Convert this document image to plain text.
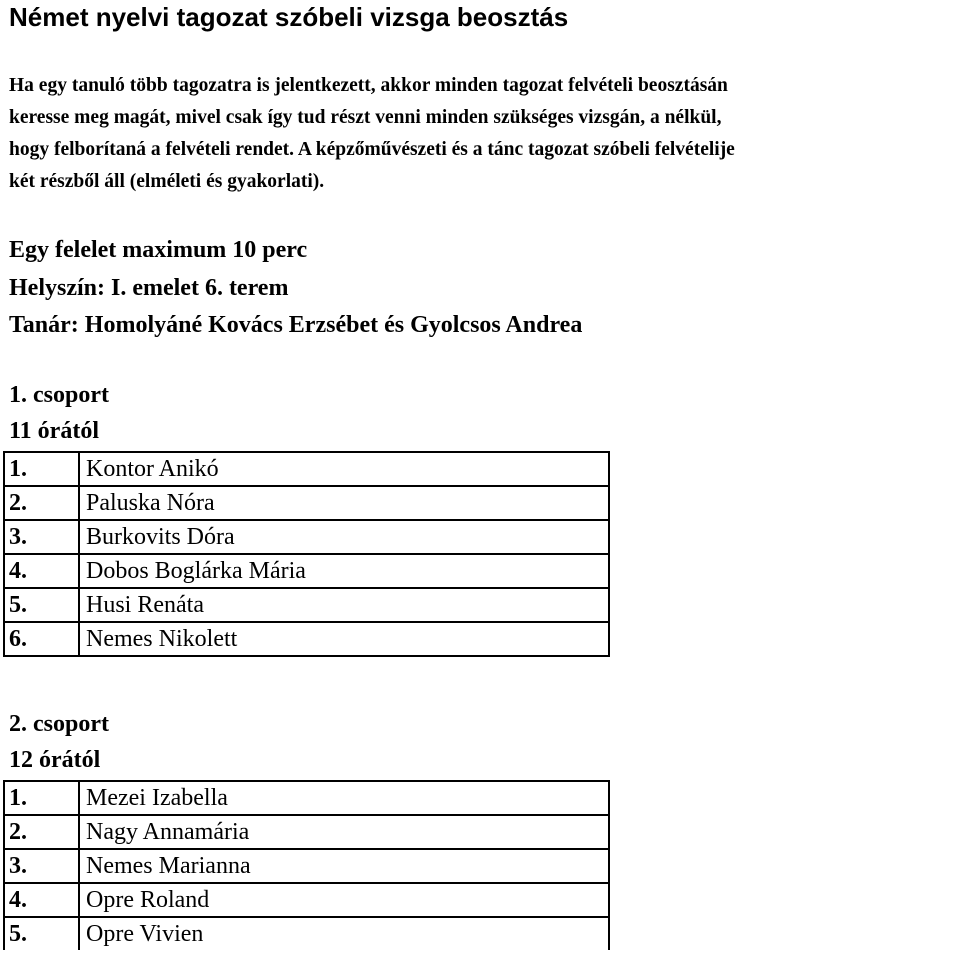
Német nyelvi tagozat szóbeli vizsga beosztás

Ha egy tanuló több tagozatra is jelentkezett, akkor minden tagozat felvételi beosztásán

keresse meg magát, mivel csak így tud részt venni minden szükséges vizsgán, a nélkül,

hogy felborítaná a felvételi rendet. A képzőművészeti és a tánc tagozat szóbeli felvételije

két részből áll (elméleti és gyakorlati).

Egy felelet maximum 10 perc
Helyszín: I. emelet 6. terem
Tanár: Homolyáné Kovács Erzsébet és Gyolcsos Andrea
1. csoport
11 órától
1.	Kontor Anikó
2.	Paluska Nóra
3.	Burkovits Dóra
4.	Dobos Boglárka Mária
5.	Husi Renáta
6.	Nemes Nikolett
2. csoport
12 órától
1.	Mezei Izabella
2.	Nagy Annamária
3.	Nemes Marianna
4.	Opre Roland
5.	Opre Vivien
